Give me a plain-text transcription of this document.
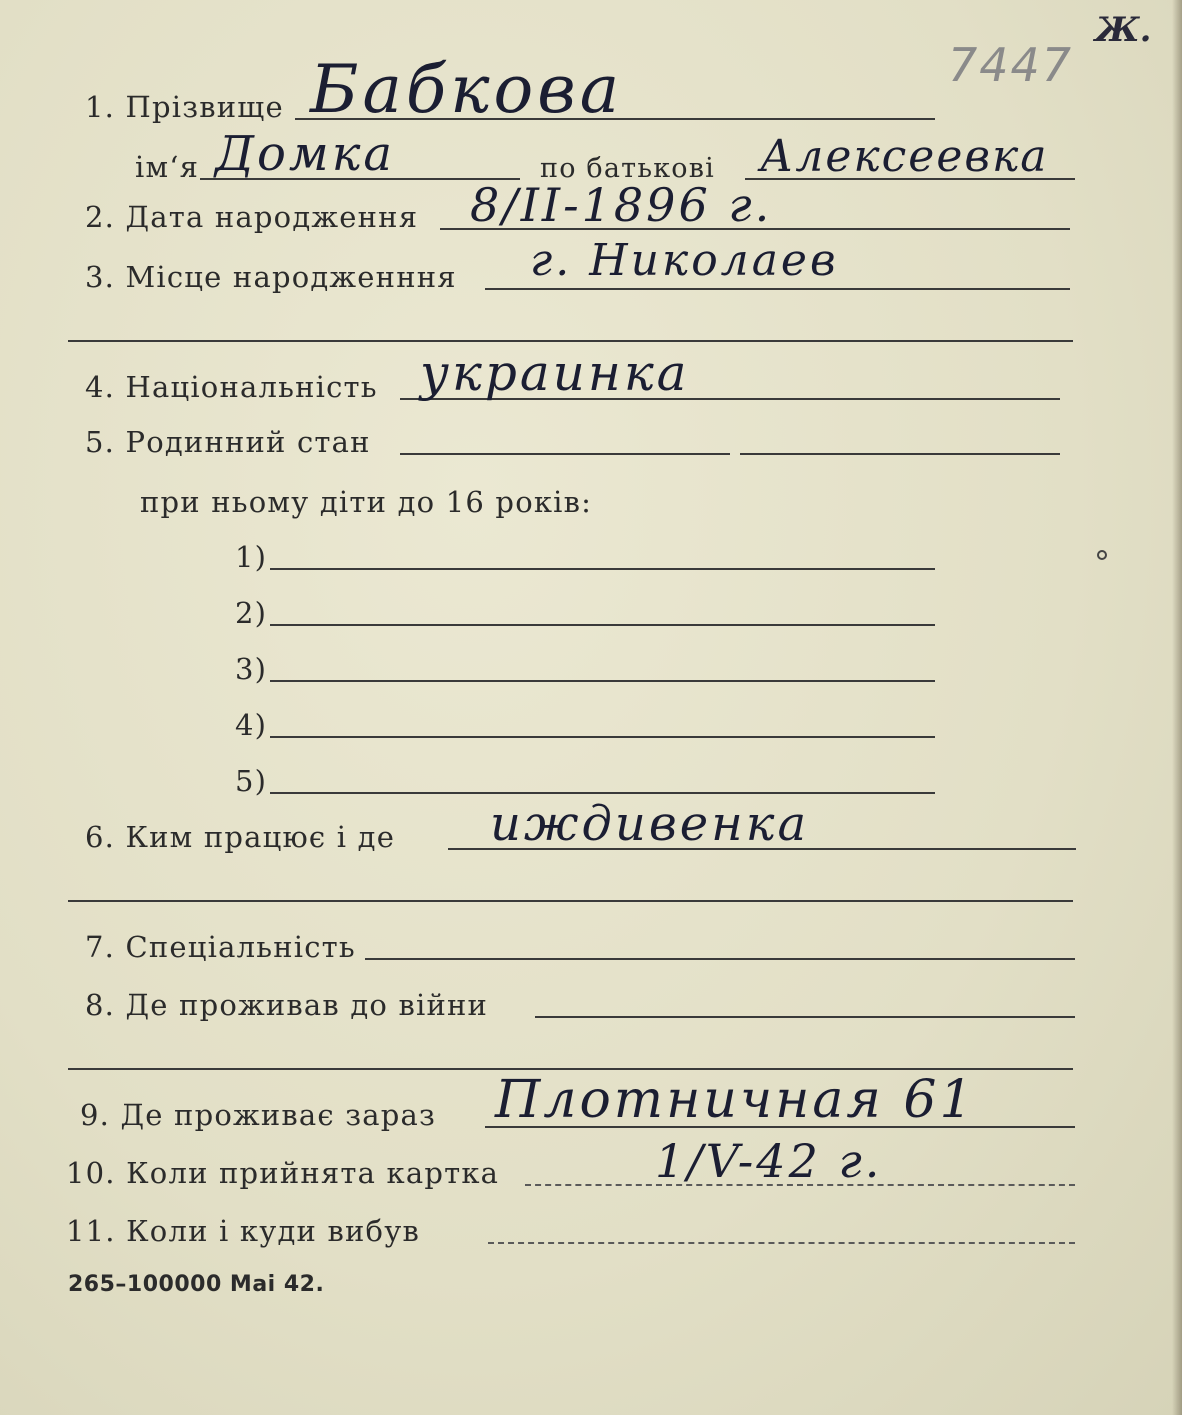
7447
Ж.
1. Прізвище Бабкова
ім‘я Домка	по батькові Алексеевка
2. Дата народження 8/II-1896 г.
3. Місце народженння г. Николаев
4. Національність украинка
5. Родинний стан
при ньому діти до 16 років:
1)
2)
3)
4)
5)
6. Ким працює і де иждивенка
7. Спеціальність
8. Де проживав до війни
9. Де проживає зараз Плотничная 61
10. Коли прийнята картка	1/V-42 г.
11. Коли і куди вибув
265–100000 Mai 42.
